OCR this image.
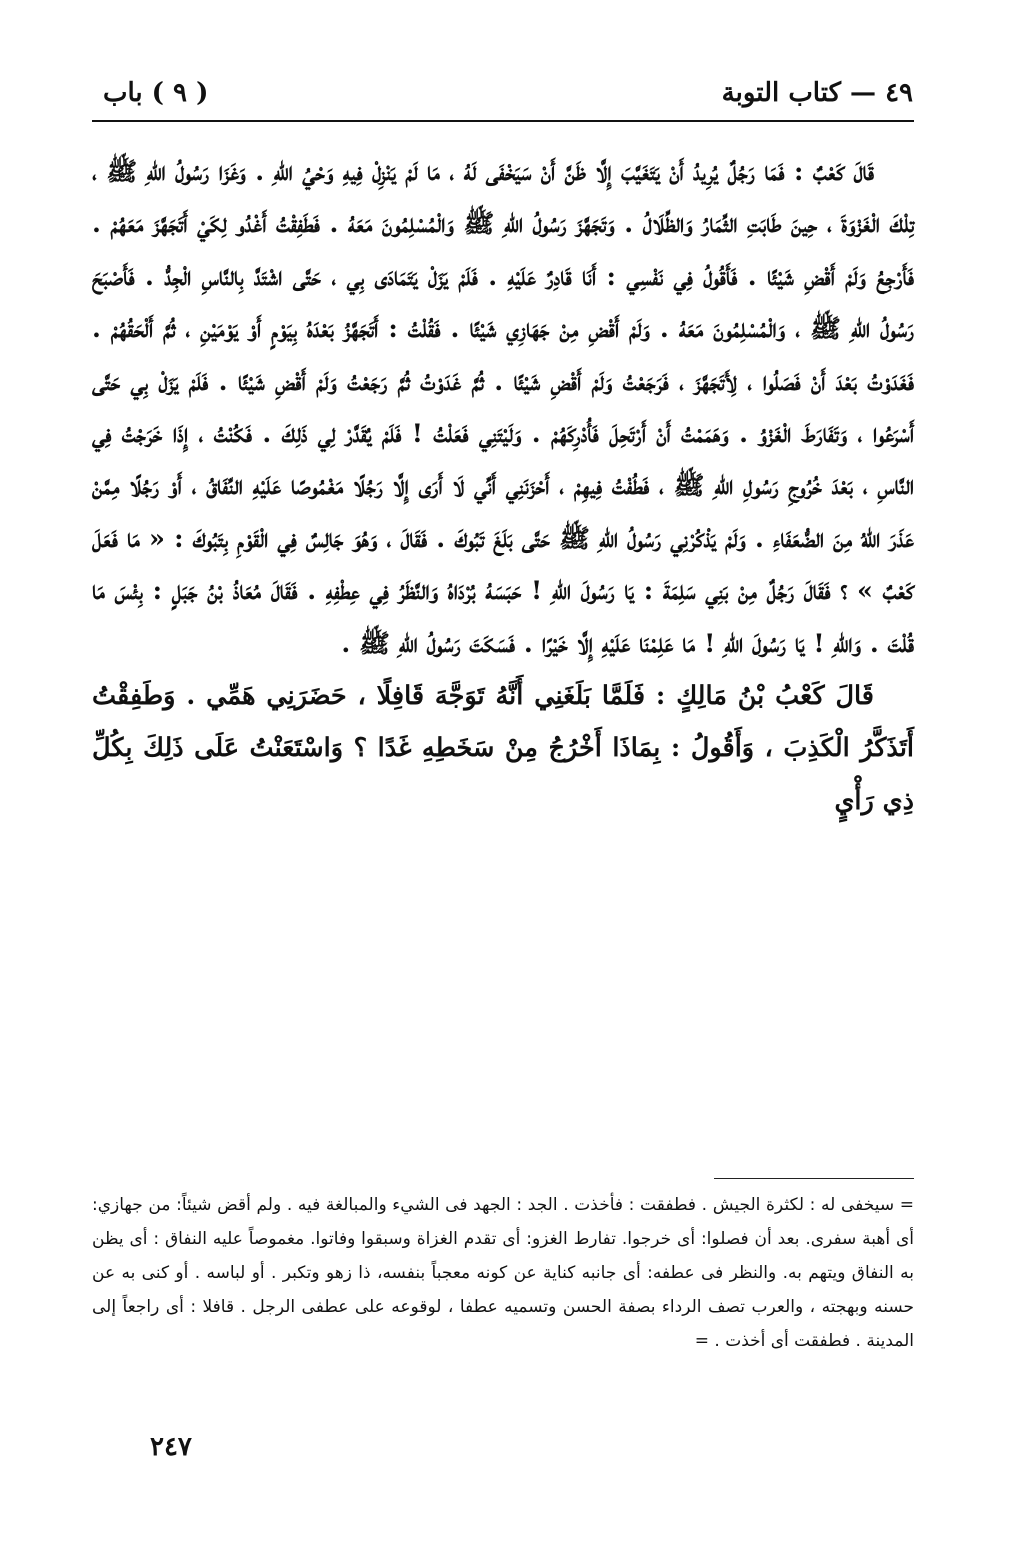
٤٩ — كتاب التوبة
( ٩ ) باب

قَالَ كَعْبٌ : فَمَا رَجُلٌ يُرِيدُ أَنْ يَتَغَيَّبَ إِلَّا ظَنَّ أَنْ سَيَخْفَى لَهُ ، مَا لَمْ يَنْزِلْ فِيهِ وَحْيُ اللهِ . وَغَزَا رَسُولُ اللهِ ﷺ ، تِلْكَ الْغَزْوَةَ ، حِينَ طَابَتِ الثِّمَارُ وَالظِّلَالُ . وَتَجَهَّزَ رَسُولُ اللهِ ﷺ وَالْمُسْلِمُونَ مَعَهُ . فَطَفِقْتُ أَغْدُو لِكَيْ أَتَجَهَّزَ مَعَهُمْ . فَأَرْجِعُ وَلَمْ أَقْضِ شَيْئًا . فَأَقُولُ فِي نَفْسِي : أَنَا قَادِرٌ عَلَيْهِ . فَلَمْ يَزَلْ يَتَمَادَى بِي ، حَتَّى اشْتَدَّ بِالنَّاسِ الْجِدُّ . فَأَصْبَحَ رَسُولُ اللهِ ﷺ ، وَالْمُسْلِمُونَ مَعَهُ . وَلَمْ أَقْضِ مِنْ جَهَازِي شَيْئًا . فَقُلْتُ : أَتَجَهَّزُ بَعْدَهُ بِيَوْمٍ أَوْ يَوْمَيْنِ ، ثُمَّ أَلْحَقُهُمْ . فَغَدَوْتُ بَعْدَ أَنْ فَصَلُوا ، لِأَتَجَهَّزَ ، فَرَجَعْتُ وَلَمْ أَقْضِ شَيْئًا . ثُمَّ غَدَوْتُ ثُمَّ رَجَعْتُ وَلَمْ أَقْضِ شَيْئًا . فَلَمْ يَزَلْ بِي حَتَّى أَسْرَعُوا ، وَتَفَارَطَ الْغَزْوُ . وَهَمَمْتُ أَنْ أَرْتَحِلَ فَأُدْرِكَهُمْ . وَلَيْتَنِي فَعَلْتُ ! فَلَمْ يُقَدَّرْ لِي ذَلِكَ . فَكُنْتُ ، إِذَا خَرَجْتُ فِي النَّاسِ ، بَعْدَ خُرُوجِ رَسُولِ اللهِ ﷺ ، فَطُفْتُ فِيهِمْ ، أَحْزَنَنِي أَنِّي لَا أَرَى إِلَّا رَجُلًا مَغْمُوصًا عَلَيْهِ النِّفَاقُ ، أَوْ رَجُلًا مِمَّنْ عَذَرَ اللهُ مِنَ الضُّعَفَاءِ . وَلَمْ يَذْكُرْنِي رَسُولُ اللهِ ﷺ حَتَّى بَلَغَ تَبُوكَ . فَقَالَ ، وَهُوَ جَالِسٌ فِي الْقَوْمِ بِتَبُوكَ : « مَا فَعَلَ كَعْبٌ » ؟ فَقَالَ رَجُلٌ مِنْ بَنِي سَلِمَةَ : يَا رَسُولَ اللهِ ! حَبَسَهُ بُرْدَاهُ وَالنَّظَرُ فِي عِطْفِهِ . فَقَالَ مُعَاذُ بْنُ جَبَلٍ : بِئْسَ مَا قُلْتَ . وَاللهِ ! يَا رَسُولَ اللهِ ! مَا عَلِمْنَا عَلَيْهِ إِلَّا خَيْرًا . فَسَكَتَ رَسُولُ اللهِ ﷺ .

قَالَ كَعْبُ بْنُ مَالِكٍ : فَلَمَّا بَلَغَنِي أَنَّهُ تَوَجَّهَ قَافِلًا ، حَضَرَنِي هَمِّي . وَطَفِقْتُ أَتَذَكَّرُ الْكَذِبَ ، وَأَقُولُ : بِمَاذَا أَخْرُجُ مِنْ سَخَطِهِ غَدًا ؟ وَاسْتَعَنْتُ عَلَى ذَلِكَ بِكُلِّ ذِي رَأْيٍ

= سيخفى له : لكثرة الجيش . فطفقت : فأخذت . الجد : الجهد فى الشيء والمبالغة فيه . ولم أقض شيئاً: من جهازي: أى أهبة سفرى. بعد أن فصلوا: أى خرجوا. تفارط الغزو: أى تقدم الغزاة وسبقوا وفاتوا. مغموصاً عليه النفاق : أى يظن به النفاق ويتهم به. والنظر فى عطفه: أى جانبه كناية عن كونه معجباً بنفسه، ذا زهو وتكبر . أو لباسه . أو كنى به عن حسنه وبهجته ، والعرب تصف الرداء بصفة الحسن وتسميه عطفا ، لوقوعه على عطفى الرجل . قافلا : أى راجعاً إلى المدينة . فطفقت أى أخذت . =

٢٤٧
